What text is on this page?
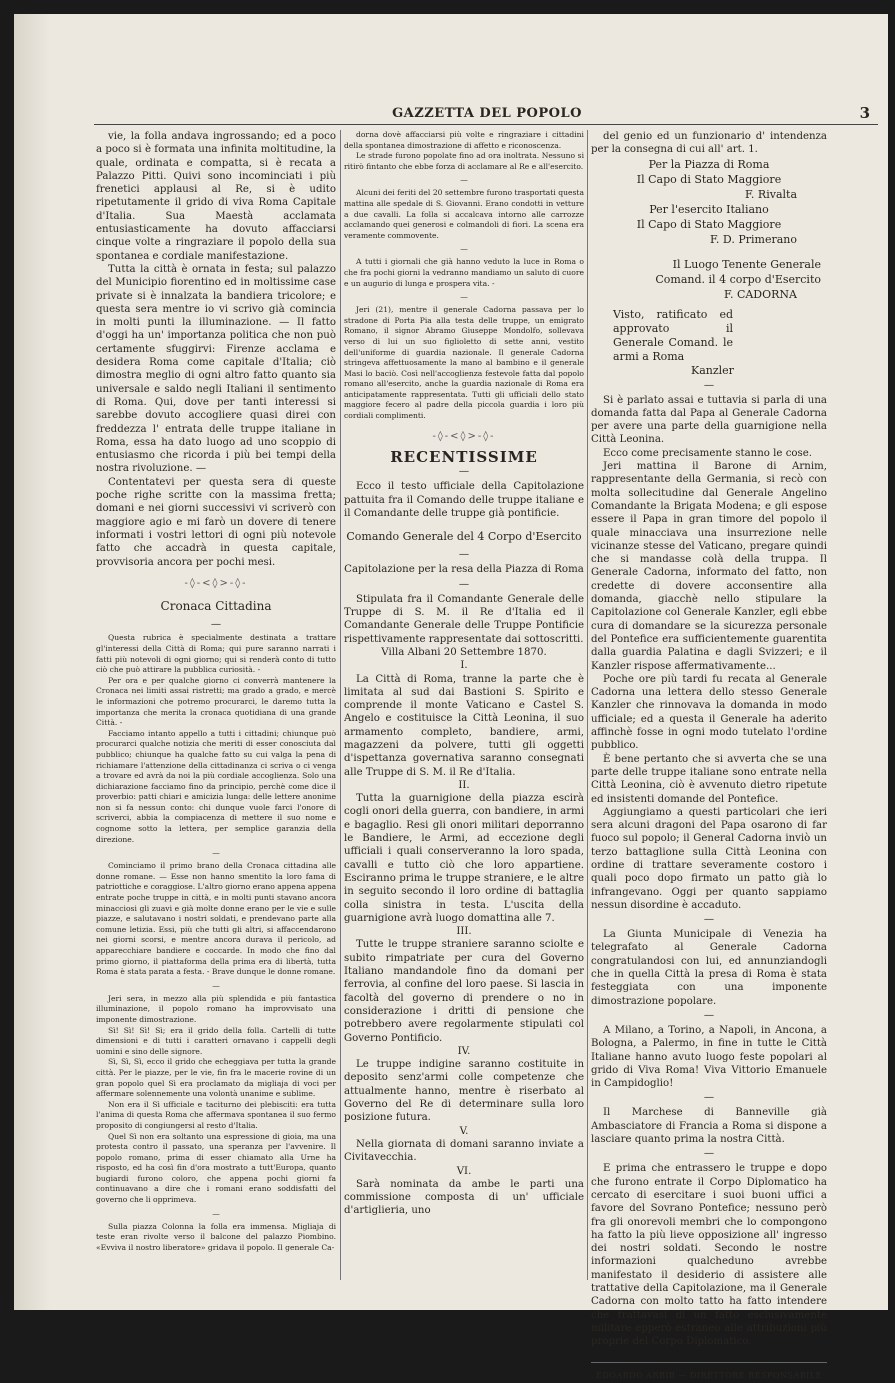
GAZZETTA DEL POPOLO	3

vie, la folla andava ingrossando; ed a poco a poco si è formata una infinita moltitudine, la quale, ordinata e compatta, si è recata a Palazzo Pitti. Quivi sono incominciati i più frenetici applausi al Re, si è udito ripetutamente il grido di viva Roma Capitale d'Italia. Sua Maestà acclamata entusiasticamente ha dovuto affacciarsi cinque volte a ringraziare il popolo della sua spontanea e cordiale manifestazione.

Tutta la città è ornata in festa; sul palazzo del Municipio fiorentino ed in moltissime case private si è innalzata la bandiera tricolore; e questa sera mentre io vi scrivo già comincia in molti punti la illuminazione. — Il fatto d'oggi ha un' importanza politica che non può certamente sfuggirvi: Firenze acclama e desidera Roma come capitale d'Italia; ciò dimostra meglio di ogni altro fatto quanto sia universale e saldo negli Italiani il sentimento di Roma. Qui, dove per tanti interessi si sarebbe dovuto accogliere quasi direi con freddezza l' entrata delle truppe italiane in Roma, essa ha dato luogo ad uno scoppio di entusiasmo che ricorda i più bei tempi della nostra rivoluzione. —

Contentatevi per questa sera di queste poche righe scritte con la massima fretta; domani e nei giorni successivi vi scriverò con maggiore agio e mi farò un dovere di tenere informati i vostri lettori di ogni più notevole fatto che accadrà in questa capitale, provvisoria ancora per pochi mesi.

-◊-<◊>-◊-
Cronaca Cittadina
—

Questa rubrica è specialmente destinata a trattare gl'interessi della Città di Roma; qui pure saranno narrati i fatti più notevoli di ogni giorno; qui si renderà conto di tutto ciò che può attirare la pubblica curiosità. -

Per ora e per qualche giorno ci converrà mantenere la Cronaca nei limiti assai ristretti; ma grado a grado, e mercè le informazioni che potremo procurarci, le daremo tutta la importanza che merita la cronaca quotidiana di una grande Città. -

Facciamo intanto appello a tutti i cittadini; chiunque può procurarci qualche notizia che meriti di esser conosciuta dal pubblico; chiunque ha qualche fatto su cui valga la pena di richiamare l'attenzione della cittadinanza ci scriva o ci venga a trovare ed avrà da noi la più cordiale accoglienza. Solo una dichiarazione facciamo fino da principio, perchè come dice il proverbio: patti chiari e amicizia lunga: delle lettere anonime non si fa nessun conto: chi dunque vuole farci l'onore di scriverci, abbia la compiacenza di mettere il suo nome e cognome sotto la lettera, per semplice garanzia della direzione.

—

Cominciamo il primo brano della Cronaca cittadina alle donne romane. — Esse non hanno smentito la loro fama di patriottiche e coraggiose. L'altro giorno erano appena appena entrate poche truppe in città, e in molti punti stavano ancora minacciosi gli zuavi e già molte donne erano per le vie e sulle piazze, e salutavano i nostri soldati, e prendevano parte alla comune letizia. Essi, più che tutti gli altri, si affaccendarono nei giorni scorsi, e mentre ancora durava il pericolo, ad apparecchiare bandiere e coccarde. In modo che fino dal primo giorno, il piattaforma della prima era di libertà, tutta Roma è stata parata a festa. - Brave dunque le donne romane.

—

Jeri sera, in mezzo alla più splendida e più fantastica illuminazione, il popolo romano ha improvvisato una imponente dimostrazione.

Sì! Sì! Sì! Sì; era il grido della folla. Cartelli di tutte dimensioni e di tutti i caratteri ornavano i cappelli degli uomini e sino delle signore.

Sì, Sì, Sì, ecco il grido che echeggiava per tutta la grande città. Per le piazze, per le vie, fin fra le macerie rovine di un gran popolo quel Sì era proclamato da migliaja di voci per affermare solennemente una volontà unanime e sublime.

Non era il Sì ufficiale e taciturno dei plebisciti: era tutta l'anima di questa Roma che affermava spontanea il suo fermo proposito di congiungersi al resto d'Italia.

Quel Sì non era soltanto una espressione di gioia, ma una protesta contro il passato, una speranza per l'avvenire. Il popolo romano, prima di esser chiamato alla Urne ha risposto, ed ha così fin d'ora mostrato a tutt'Europa, quanto bugiardi furono coloro, che appena pochi giorni fa continuavano a dire che i romani erano soddisfatti del governo che li opprimeva.

—

Sulla piazza Colonna la folla era immensa. Migliaja di teste eran rivolte verso il balcone del palazzo Piombino. «Evviva il nostro liberatore» gridava il popolo. Il generale Ca-

dorna dovè affacciarsi più volte e ringraziare i cittadini della spontanea dimostrazione di affetto e riconoscenza.

Le strade furono popolate fino ad ora inoltrata. Nessuno si ritirò fintanto che ebbe forza di acclamare al Re e all'esercito.

—

Alcuni dei feriti del 20 settembre furono trasportati questa mattina alle spedale di S. Giovanni. Erano condotti in vetture a due cavalli. La folla si accalcava intorno alle carrozze acclamando quei generosi e colmandoli di fiori. La scena era veramente commovente.

—

A tutti i giornali che già hanno veduto la luce in Roma o che fra pochi giorni la vedranno mandiamo un saluto di cuore e un augurio di lunga e prospera vita. -

—

Jeri (21), mentre il generale Cadorna passava per lo stradone di Porta Pia alla testa delle truppe, un emigrato Romano, il signor Abramo Giuseppe Mondolfo, sollevava verso di lui un suo figlioletto di sette anni, vestito dell'uniforme di guardia nazionale. Il generale Cadorna stringeva affettuosamente la mano al bambino e il generale Masi lo baciò. Così nell'accoglienza festevole fatta dal popolo romano all'esercito, anche la guardia nazionale di Roma era anticipatamente rappresentata. Tutti gli ufficiali dello stato maggiore fecero al padre della piccola guardia i loro più cordiali complimenti.

-◊-<◊>-◊-
RECENTISSIME
—

Ecco il testo ufficiale della Capitolazione pattuita fra il Comando delle truppe italiane e il Comandante delle truppe già pontificie.

Comando Generale del 4 Corpo d'Esercito
—

Capitolazione per la resa della Piazza di Roma

—

Stipulata fra il Comandante Generale delle Truppe di S. M. il Re d'Italia ed il Comandante Generale delle Truppe Pontificie rispettivamente rappresentate dai sottoscritti.

Villa Albani 20 Settembre 1870.

I.

La Città di Roma, tranne la parte che è limitata al sud dai Bastioni S. Spirito e comprende il monte Vaticano e Castel S. Angelo e costituisce la Città Leonina, il suo armamento completo, bandiere, armi, magazzeni da polvere, tutti gli oggetti d'ispettanza governativa saranno consegnati alle Truppe di S. M. il Re d'Italia.

II.

Tutta la guarnigione della piazza escirà cogli onori della guerra, con bandiere, in armi e bagaglio. Resi gli onori militari deporranno le Bandiere, le Armi, ad eccezione degli ufficiali i quali conserveranno la loro spada, cavalli e tutto ciò che loro appartiene. Esciranno prima le truppe straniere, e le altre in seguito secondo il loro ordine di battaglia colla sinistra in testa. L'uscita della guarnigione avrà luogo domattina alle 7.

III.

Tutte le truppe straniere saranno sciolte e subito rimpatriate per cura del Governo Italiano mandandole fino da domani per ferrovia, al confine del loro paese. Si lascia in facoltà del governo di prendere o no in considerazione i dritti di pensione che potrebbero avere regolarmente stipulati col Governo Pontificio.

IV.

Le truppe indigine saranno costituite in deposito senz'armi colle competenze che attualmente hanno, mentre è riserbato al Governo del Re di determinare sulla loro posizione futura.

V.

Nella giornata di domani saranno inviate a Civitavecchia.

VI.

Sarà nominata da ambe le parti una commissione composta di un' ufficiale d'artiglieria, uno

del genio ed un funzionario d' intendenza per la consegna di cui all' art. 1.

Per la Piazza di Roma
Il Capo di Stato Maggiore
F. Rivalta
Per l'esercito Italiano
Il Capo di Stato Maggiore
F. D. Primerano
Il Luogo Tenente Generale
Comand. il 4 corpo d'Esercito
F. CADORNA
Visto, ratificato ed approvato il Generale Comand. le armi a Roma
Kanzler
—

Si è parlato assai e tuttavia si parla di una domanda fatta dal Papa al Generale Cadorna per avere una parte della guarnigione nella Città Leonina.

Ecco come precisamente stanno le cose.

Jeri mattina il Barone di Arnim, rappresentante della Germania, si recò con molta sollecitudine dal Generale Angelino Comandante la Brigata Modena; e gli espose essere il Papa in gran timore del popolo il quale minacciava una insurrezione nelle vicinanze stesse del Vaticano, pregare quindi che si mandasse colà della truppa. Il Generale Cadorna, informato del fatto, non credette di dovere acconsentire alla domanda, giacchè nello stipulare la Capitolazione col Generale Kanzler, egli ebbe cura di domandare se la sicurezza personale del Pontefice era sufficientemente guarentita dalla guardia Palatina e dagli Svizzeri; e il Kanzler rispose affermativamente...

Poche ore più tardi fu recata al Generale Cadorna una lettera dello stesso Generale Kanzler che rinnovava la domanda in modo ufficiale; ed a questa il Generale ha aderito affinchè fosse in ogni modo tutelato l'ordine pubblico.

È bene pertanto che si avverta che se una parte delle truppe italiane sono entrate nella Città Leonina, ciò è avvenuto dietro ripetute ed insistenti domande del Pontefice.

Aggiungiamo a questi particolari che ieri sera alcuni dragoni del Papa osarono di far fuoco sul popolo; il General Cadorna inviò un terzo battaglione sulla Città Leonina con ordine di trattare severamente costoro i quali poco dopo firmato un patto già lo infrangevano. Oggi per quanto sappiamo nessun disordine è accaduto.

—

La Giunta Municipale di Venezia ha telegrafato al Generale Cadorna congratulandosi con lui, ed annunziandogli che in quella Città la presa di Roma è stata festeggiata con una imponente dimostrazione popolare.

—

A Milano, a Torino, a Napoli, in Ancona, a Bologna, a Palermo, in fine in tutte le Città Italiane hanno avuto luogo feste popolari al grido di Viva Roma! Viva Vittorio Emanuele in Campidoglio!

—

Il Marchese di Banneville già Ambasciatore di Francia a Roma si dispone a lasciare quanto prima la nostra Città.

—

E prima che entrassero le truppe e dopo che furono entrate il Corpo Diplomatico ha cercato di esercitare i suoi buoni uffici a favore del Sovrano Pontefice; nessuno però fra gli onorevoli membri che lo compongono ha fatto la più lieve opposizione all' ingresso dei nostri soldati. Secondo le nostre informazioni qualcheduno avrebbe manifestato il desiderio di assistere alle trattative della Capitolazione, ma il Generale Cadorna con molto tatto ha fatto intendere che trattavasi di un fatto esclusivamente militare epperò estraneo alle attribuzioni più proprie del Corpo Diplomatico.

EDOARDO ARBIB — DIRETTORE RESPONSABILE
